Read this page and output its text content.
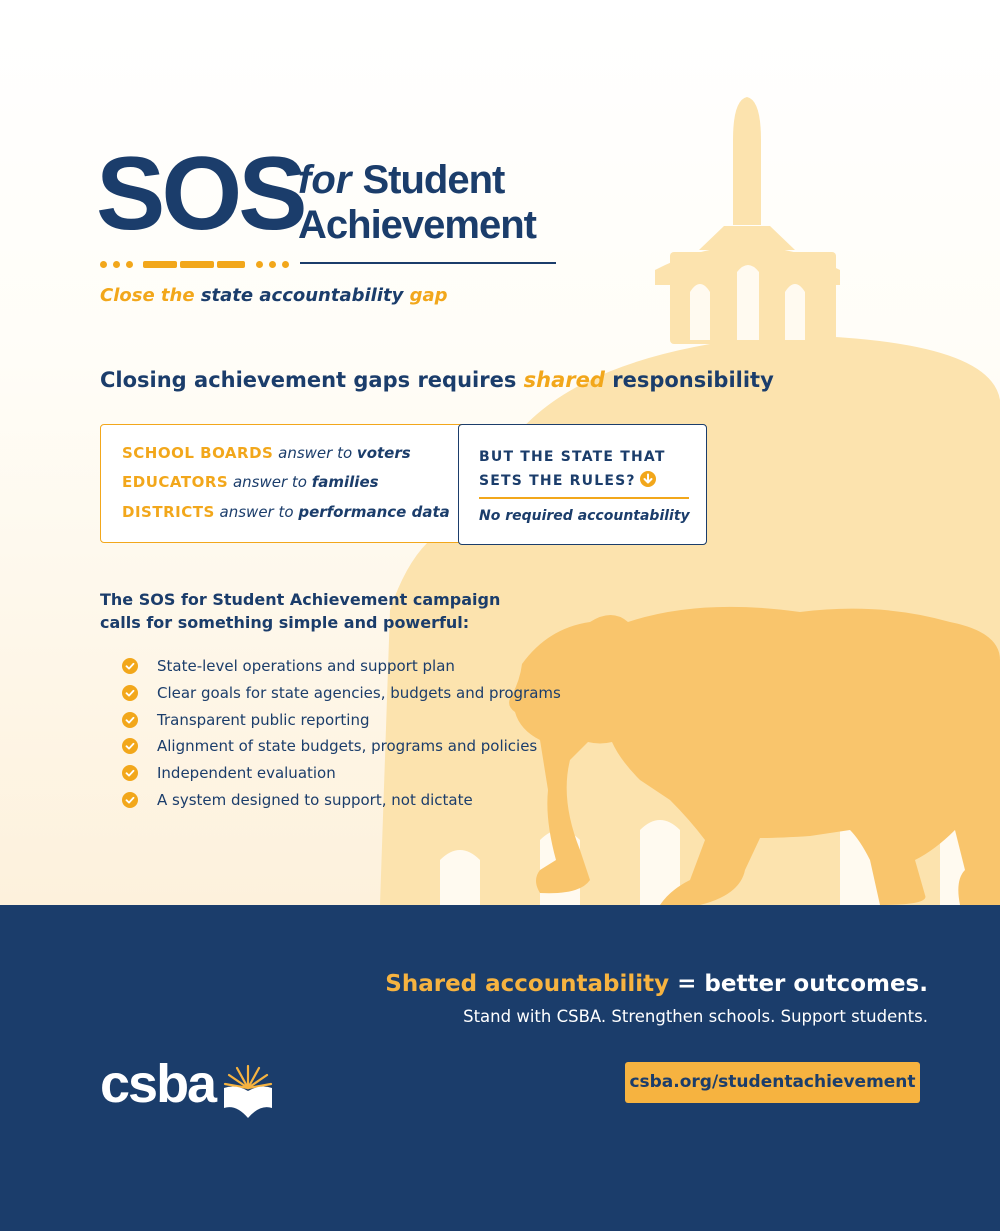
SOS
for Student
Achievement
Close the state accountability gap
Closing achievement gaps requires shared responsibility
SCHOOL BOARDS answer to voters
EDUCATORS answer to families
DISTRICTS answer to performance data
BUT THE STATE THAT
SETS THE RULES?
No required accountability
The SOS for Student Achievement campaign
calls for something simple and powerful:
State-level operations and support plan
Clear goals for state agencies, budgets and programs
Transparent public reporting
Alignment of state budgets, programs and policies
Independent evaluation
A system designed to support, not dictate
Shared accountability = better outcomes.
Stand with CSBA. Strengthen schools. Support students.
csba.org/studentachievement
csba
